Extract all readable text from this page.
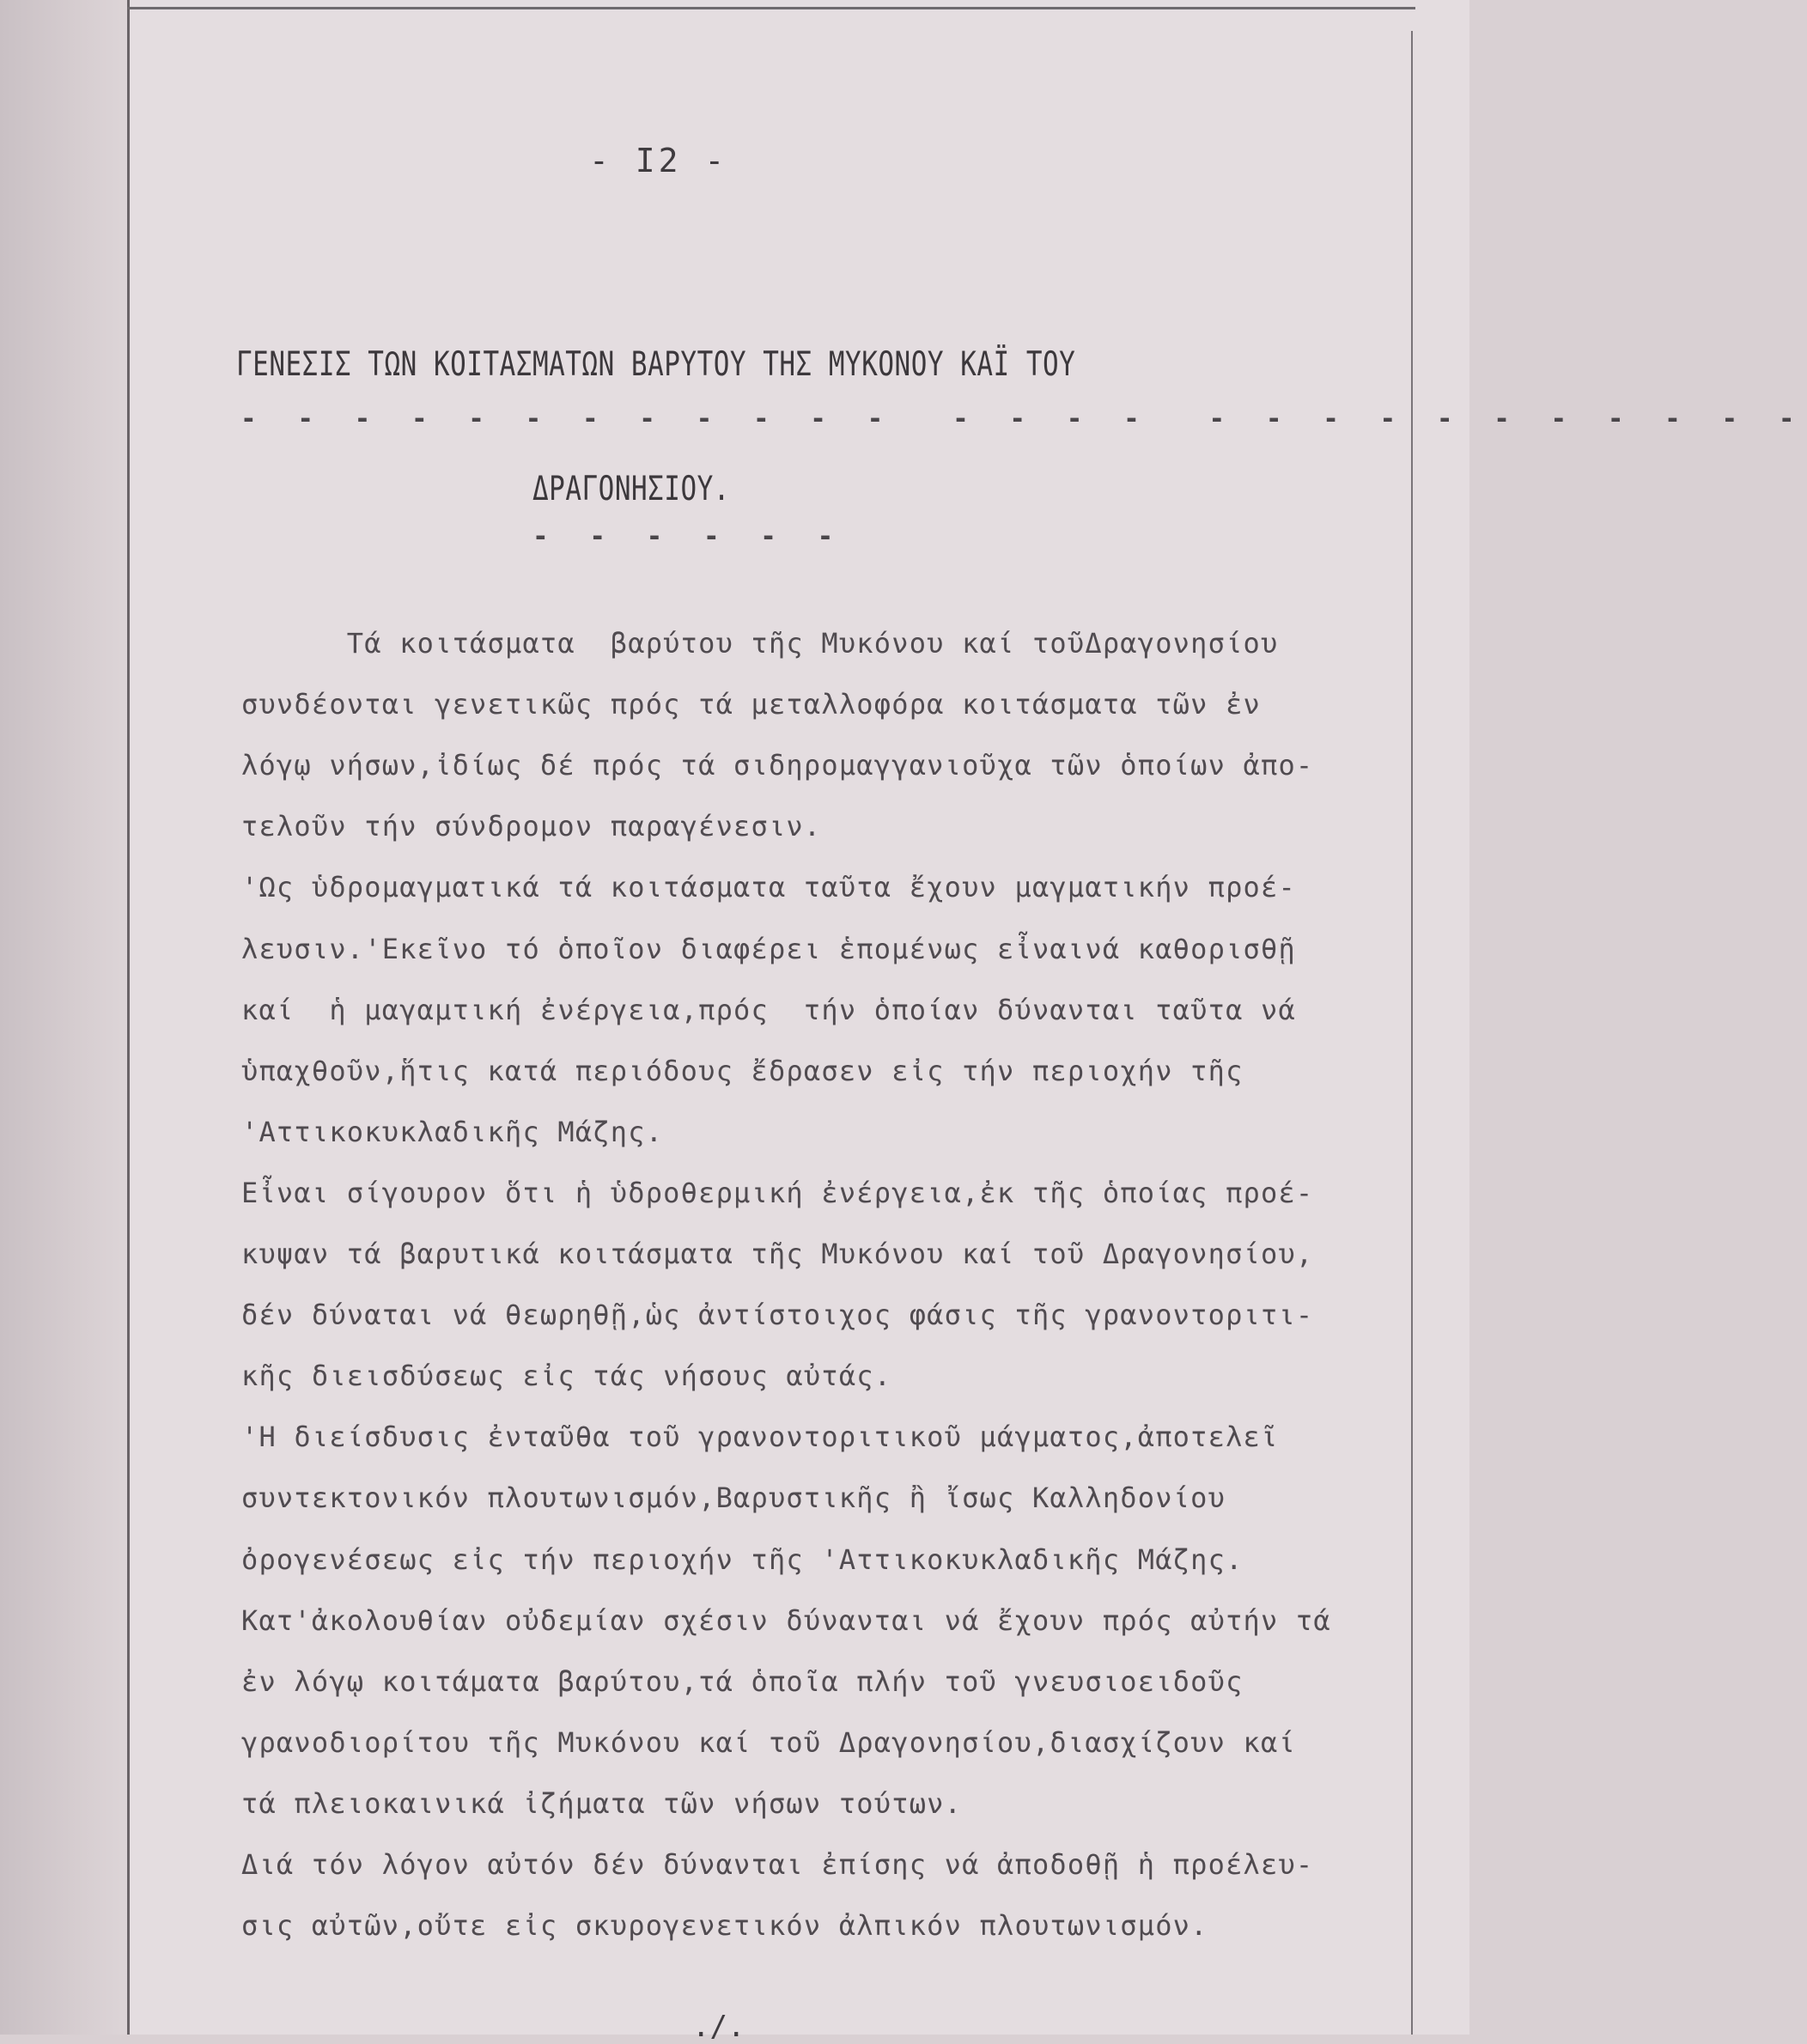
- I2 -
ΓΕΝΕΣΙΣ ΤΩΝ ΚΟΙΤΑΣΜΑΤΩΝ ΒΑΡΥΤΟΥ ΤΗΣ ΜΥΚΟΝΟΥ ΚΑΪ ΤΟΥ
- - - - - - - - - - - -  - - - -  - - - - - - - - - - -
ΔΡΑΓΟΝΗΣΙΟΥ.
- - - - - -
Τά κοιτάσματα  βαρύτου τῆς Μυκόνου καί τοῦΔραγονησίου
συνδέονται γενετικῶς πρός τά μεταλλοφόρα κοιτάσματα τῶν ἐν
λόγῳ νήσων,ἰδίως δέ πρός τά σιδηρομαγγανιοῦχα τῶν ὁποίων ἀπο-
τελοῦν τήν σύνδρομον παραγένεσιν.
'Ως ὑδρομαγματικά τά κοιτάσματα ταῦτα ἔχουν μαγματικήν προέ-
λευσιν.'Εκεῖνο τό ὁποῖον διαφέρει ἑπομένως εἶναινά καθορισθῇ
καί  ἡ μαγαμτική ἐνέργεια,πρός  τήν ὁποίαν δύνανται ταῦτα νά
ὑπαχθοῦν,ἥτις κατά περιόδους ἔδρασεν εἰς τήν περιοχήν τῆς
'Αττικοκυκλαδικῆς Μάζης.
Εἶναι σίγουρον ὅτι ἡ ὑδροθερμική ἐνέργεια,ἐκ τῆς ὁποίας προέ-
κυψαν τά βαρυτικά κοιτάσματα τῆς Μυκόνου καί τοῦ Δραγονησίου,
δέν δύναται νά θεωρηθῇ,ὡς ἀντίστοιχος φάσις τῆς γρανοντοριτι-
κῆς διεισδύσεως εἰς τάς νήσους αὐτάς.
'Η διείσδυσις ἐνταῦθα τοῦ γρανοντοριτικοῦ μάγματος,ἀποτελεῖ
συντεκτονικόν πλουτωνισμόν,Βαρυστικῆς ἢ ἴσως Καλληδονίου
ὀρογενέσεως εἰς τήν περιοχήν τῆς 'Αττικοκυκλαδικῆς Μάζης.
Κατ'ἀκολουθίαν οὐδεμίαν σχέσιν δύνανται νά ἔχουν πρός αὐτήν τά
ἐν λόγῳ κοιτάματα βαρύτου,τά ὁποῖα πλήν τοῦ γνευσιοειδοῦς
γρανοδιορίτου τῆς Μυκόνου καί τοῦ Δραγονησίου,διασχίζουν καί
τά πλειοκαινικά ἰζήματα τῶν νήσων τούτων.
Διά τόν λόγον αὐτόν δέν δύνανται ἐπίσης νά ἀποδοθῇ ἡ προέλευ-
σις αὐτῶν,οὔτε εἰς σκυρογενετικόν ἀλπικόν πλουτωνισμόν.
./.
